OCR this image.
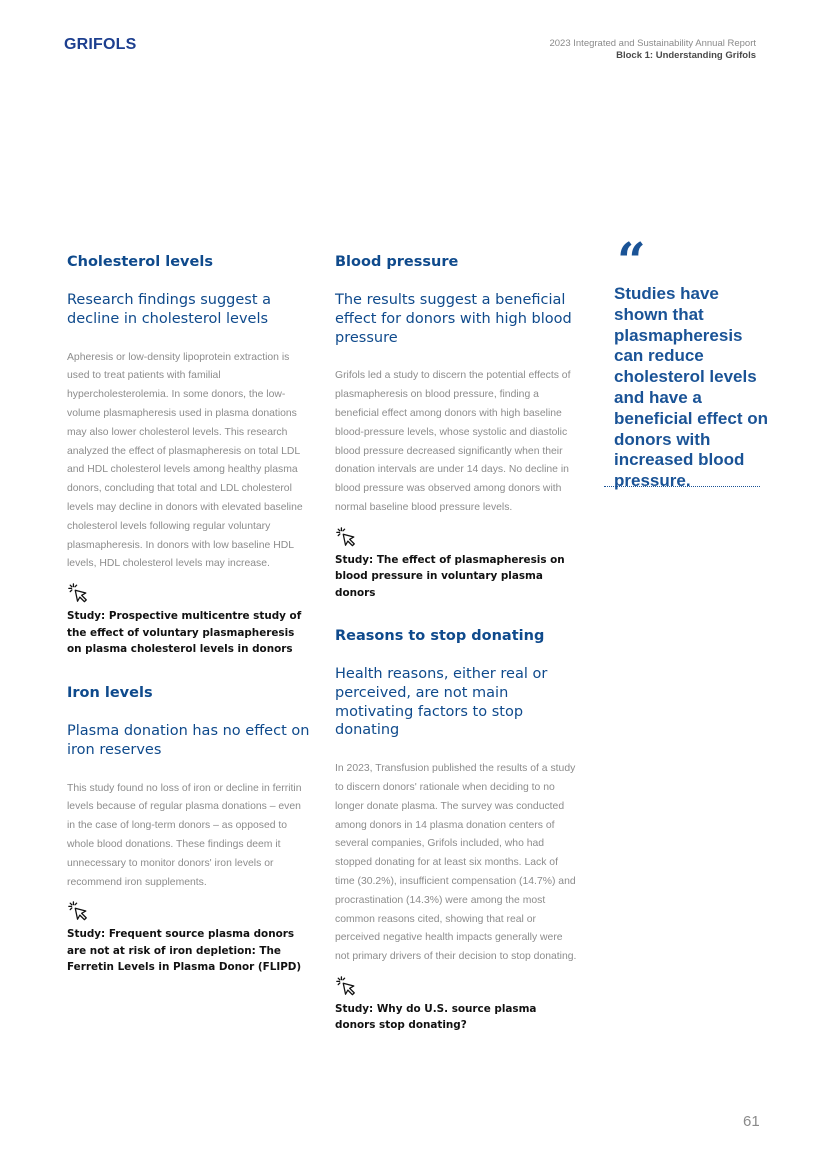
GRIFOLS	2023 Integrated and Sustainability Annual Report
Block 1: Understanding Grifols
Cholesterol levels
Research findings suggest a decline in cholesterol levels

Apheresis or low-density lipoprotein extraction is used to treat patients with familial hypercholesterolemia. In some donors, the low-volume plasmapheresis used in plasma donations may also lower cholesterol levels. This research analyzed the effect of plasmapheresis on total LDL and HDL cholesterol levels among healthy plasma donors, concluding that total and LDL cholesterol levels may decline in donors with elevated baseline cholesterol levels following regular voluntary plasmapheresis. In donors with low baseline HDL levels, HDL cholesterol levels may increase.

Study: Prospective multicentre study of the effect of voluntary plasmapheresis on plasma cholesterol levels in donors
Iron levels
Plasma donation has no effect on iron reserves

This study found no loss of iron or decline in ferritin levels because of regular plasma donations – even in the case of long-term donors – as opposed to whole blood donations. These findings deem it unnecessary to monitor donors' iron levels or recommend iron supplements.

Study: Frequent source plasma donors are not at risk of iron depletion: The Ferretin Levels in Plasma Donor (FLIPD)
Blood pressure
The results suggest a beneficial effect for donors with high blood pressure

Grifols led a study to discern the potential effects of plasmapheresis on blood pressure, finding a beneficial effect among donors with high baseline blood-pressure levels, whose systolic and diastolic blood pressure decreased significantly when their donation intervals are under 14 days. No decline in blood pressure was observed among donors with normal baseline blood pressure levels.

Study: The effect of plasmapheresis on blood pressure in voluntary plasma donors
Reasons to stop donating
Health reasons, either real or perceived, are not main motivating factors to stop donating

In 2023, Transfusion published the results of a study to discern donors' rationale when deciding to no longer donate plasma. The survey was conducted among donors in 14 plasma donation centers of several companies, Grifols included, who had stopped donating for at least six months. Lack of time (30.2%), insufficient compensation (14.7%) and procrastination (14.3%) were among the most common reasons cited, showing that real or perceived negative health impacts generally were not primary drivers of their decision to stop donating.

Study: Why do U.S. source plasma donors stop donating?
“

Studies have shown that plasmapheresis can reduce cholesterol levels and have a beneficial effect on donors with increased blood pressure.

61
